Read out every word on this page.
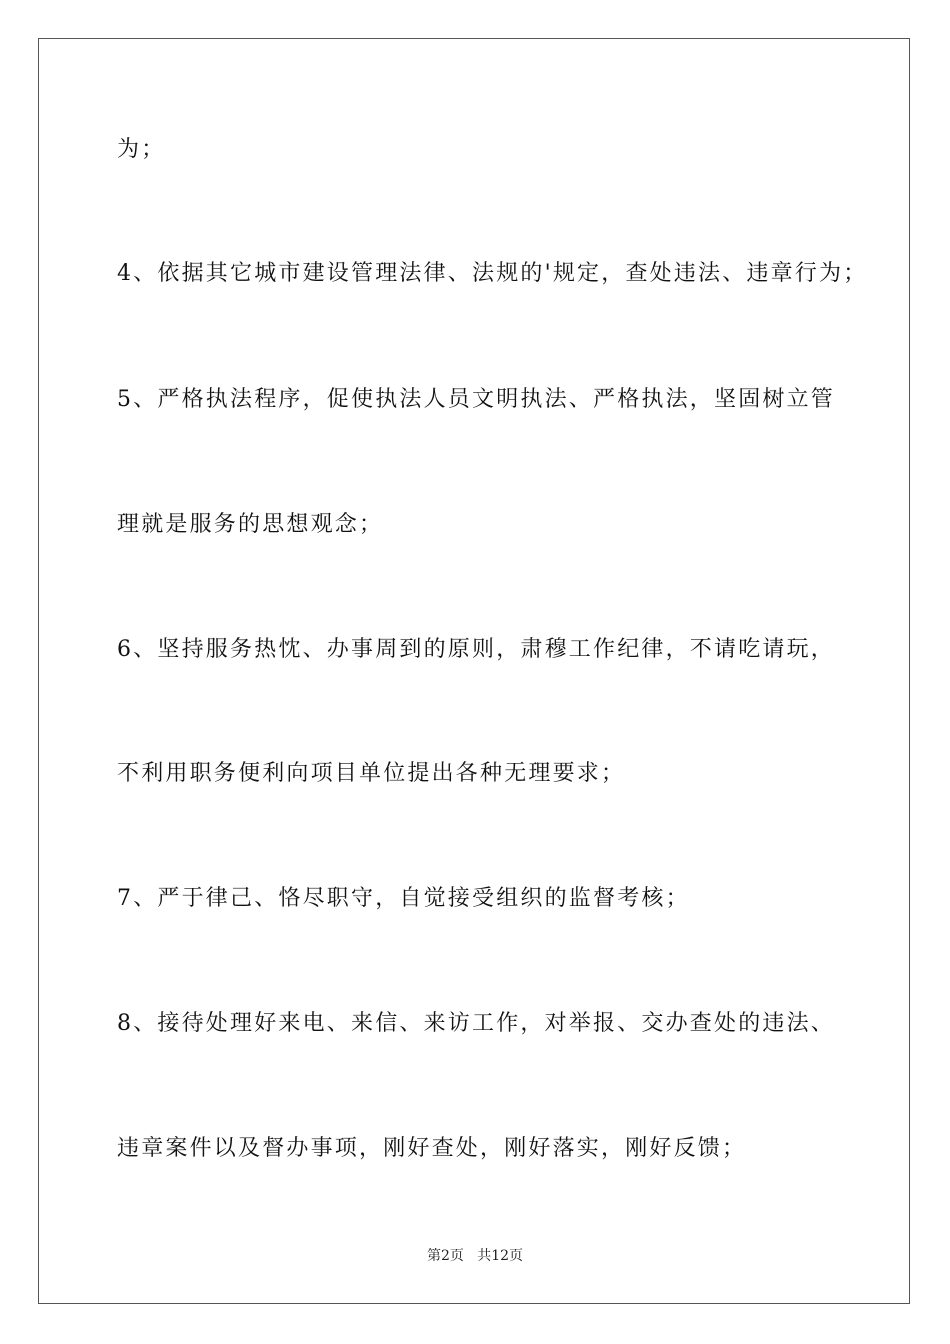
为；
4、依据其它城市建设管理法律、法规的'规定，查处违法、违章行为；
5、严格执法程序，促使执法人员文明执法、严格执法，坚固树立管
理就是服务的思想观念；
6、坚持服务热忱、办事周到的原则，肃穆工作纪律，不请吃请玩，
不利用职务便利向项目单位提出各种无理要求；
7、严于律己、恪尽职守，自觉接受组织的监督考核；
8、接待处理好来电、来信、来访工作，对举报、交办查处的违法、
违章案件以及督办事项，刚好查处，刚好落实，刚好反馈；
第2页   共12页
